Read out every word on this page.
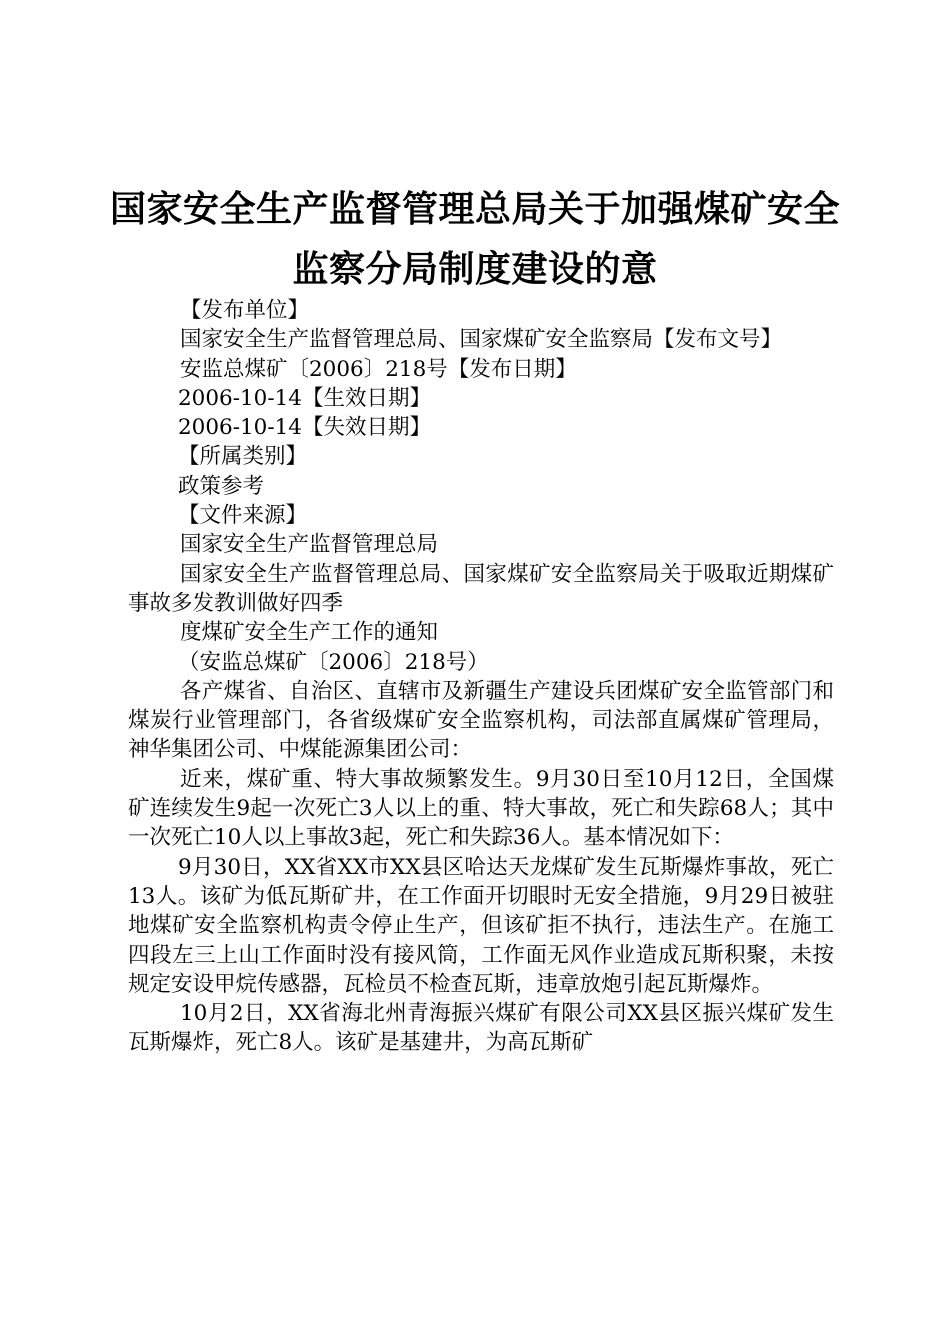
国家安全生产监督管理总局关于加强煤矿安全
监察分局制度建设的意

【发布单位】

国家安全生产监督管理总局、国家煤矿安全监察局【发布文号】

安监总煤矿〔2006〕218号【发布日期】

2006-10-14【生效日期】

2006-10-14【失效日期】

【所属类别】

政策参考

【文件来源】

国家安全生产监督管理总局

国家安全生产监督管理总局、国家煤矿安全监察局关于吸取近期煤矿事故多发教训做好四季

度煤矿安全生产工作的通知

（安监总煤矿〔2006〕218号）

各产煤省、自治区、直辖市及新疆生产建设兵团煤矿安全监管部门和煤炭行业管理部门，各省级煤矿安全监察机构，司法部直属煤矿管理局，神华集团公司、中煤能源集团公司：

近来，煤矿重、特大事故频繁发生。9月30日至10月12日，全国煤矿连续发生9起一次死亡3人以上的重、特大事故，死亡和失踪68人；其中一次死亡10人以上事故3起，死亡和失踪36人。基本情况如下：

9月30日，XX省XX市XX县区哈达天龙煤矿发生瓦斯爆炸事故，死亡13人。该矿为低瓦斯矿井，在工作面开切眼时无安全措施，9月29日被驻地煤矿安全监察机构责令停止生产，但该矿拒不执行，违法生产。在施工四段左三上山工作面时没有接风筒，工作面无风作业造成瓦斯积聚，未按规定安设甲烷传感器，瓦检员不检查瓦斯，违章放炮引起瓦斯爆炸。

10月2日，XX省海北州青海振兴煤矿有限公司XX县区振兴煤矿发生瓦斯爆炸，死亡8人。该矿是基建井，为高瓦斯矿
